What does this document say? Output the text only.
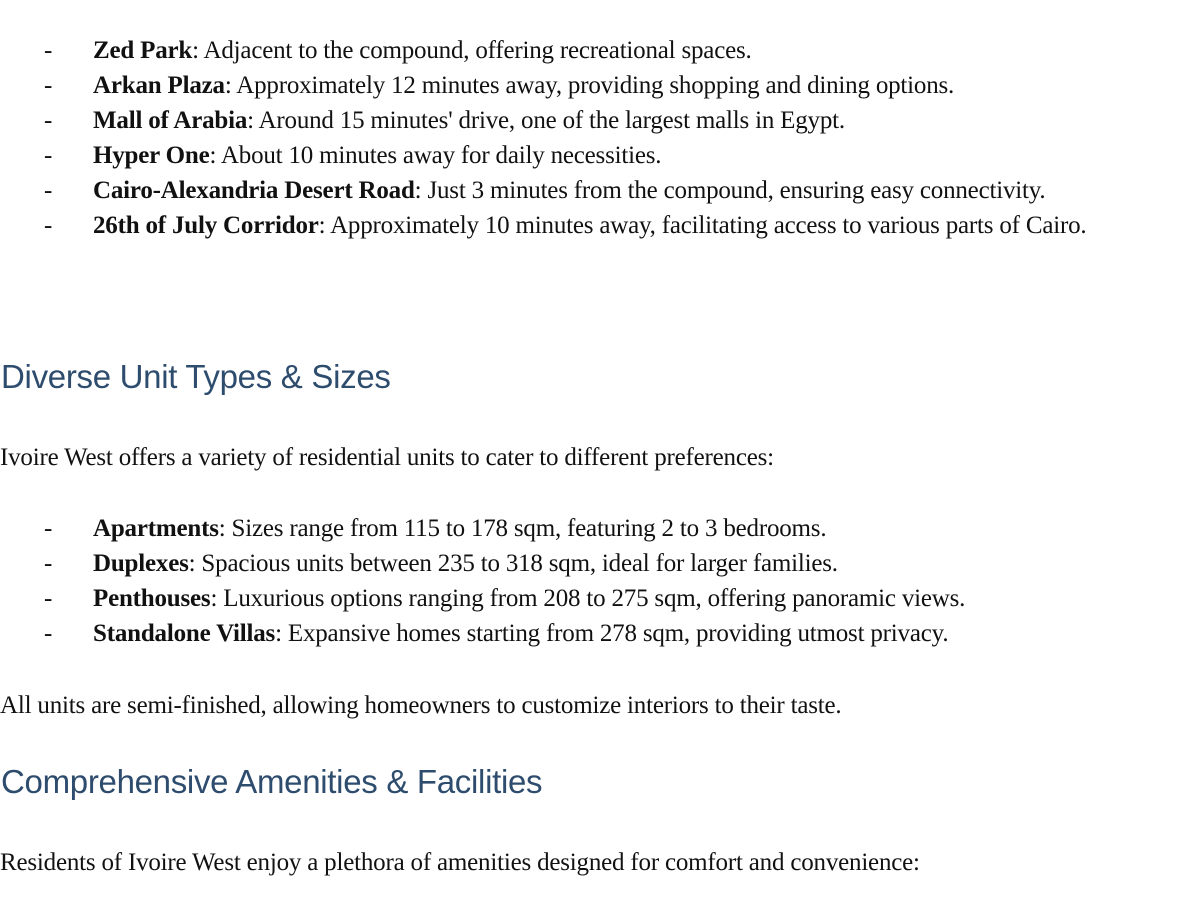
- Zed Park: Adjacent to the compound, offering recreational spaces.
- Arkan Plaza: Approximately 12 minutes away, providing shopping and dining options.
- Mall of Arabia: Around 15 minutes' drive, one of the largest malls in Egypt.
- Hyper One: About 10 minutes away for daily necessities.
- Cairo-Alexandria Desert Road: Just 3 minutes from the compound, ensuring easy connectivity.
- 26th of July Corridor: Approximately 10 minutes away, facilitating access to various parts of Cairo.
Diverse Unit Types & Sizes

Ivoire West offers a variety of residential units to cater to different preferences:

- Apartments: Sizes range from 115 to 178 sqm, featuring 2 to 3 bedrooms.
- Duplexes: Spacious units between 235 to 318 sqm, ideal for larger families.
- Penthouses: Luxurious options ranging from 208 to 275 sqm, offering panoramic views.
- Standalone Villas: Expansive homes starting from 278 sqm, providing utmost privacy.

All units are semi-finished, allowing homeowners to customize interiors to their taste.

Comprehensive Amenities & Facilities

Residents of Ivoire West enjoy a plethora of amenities designed for comfort and convenience:
